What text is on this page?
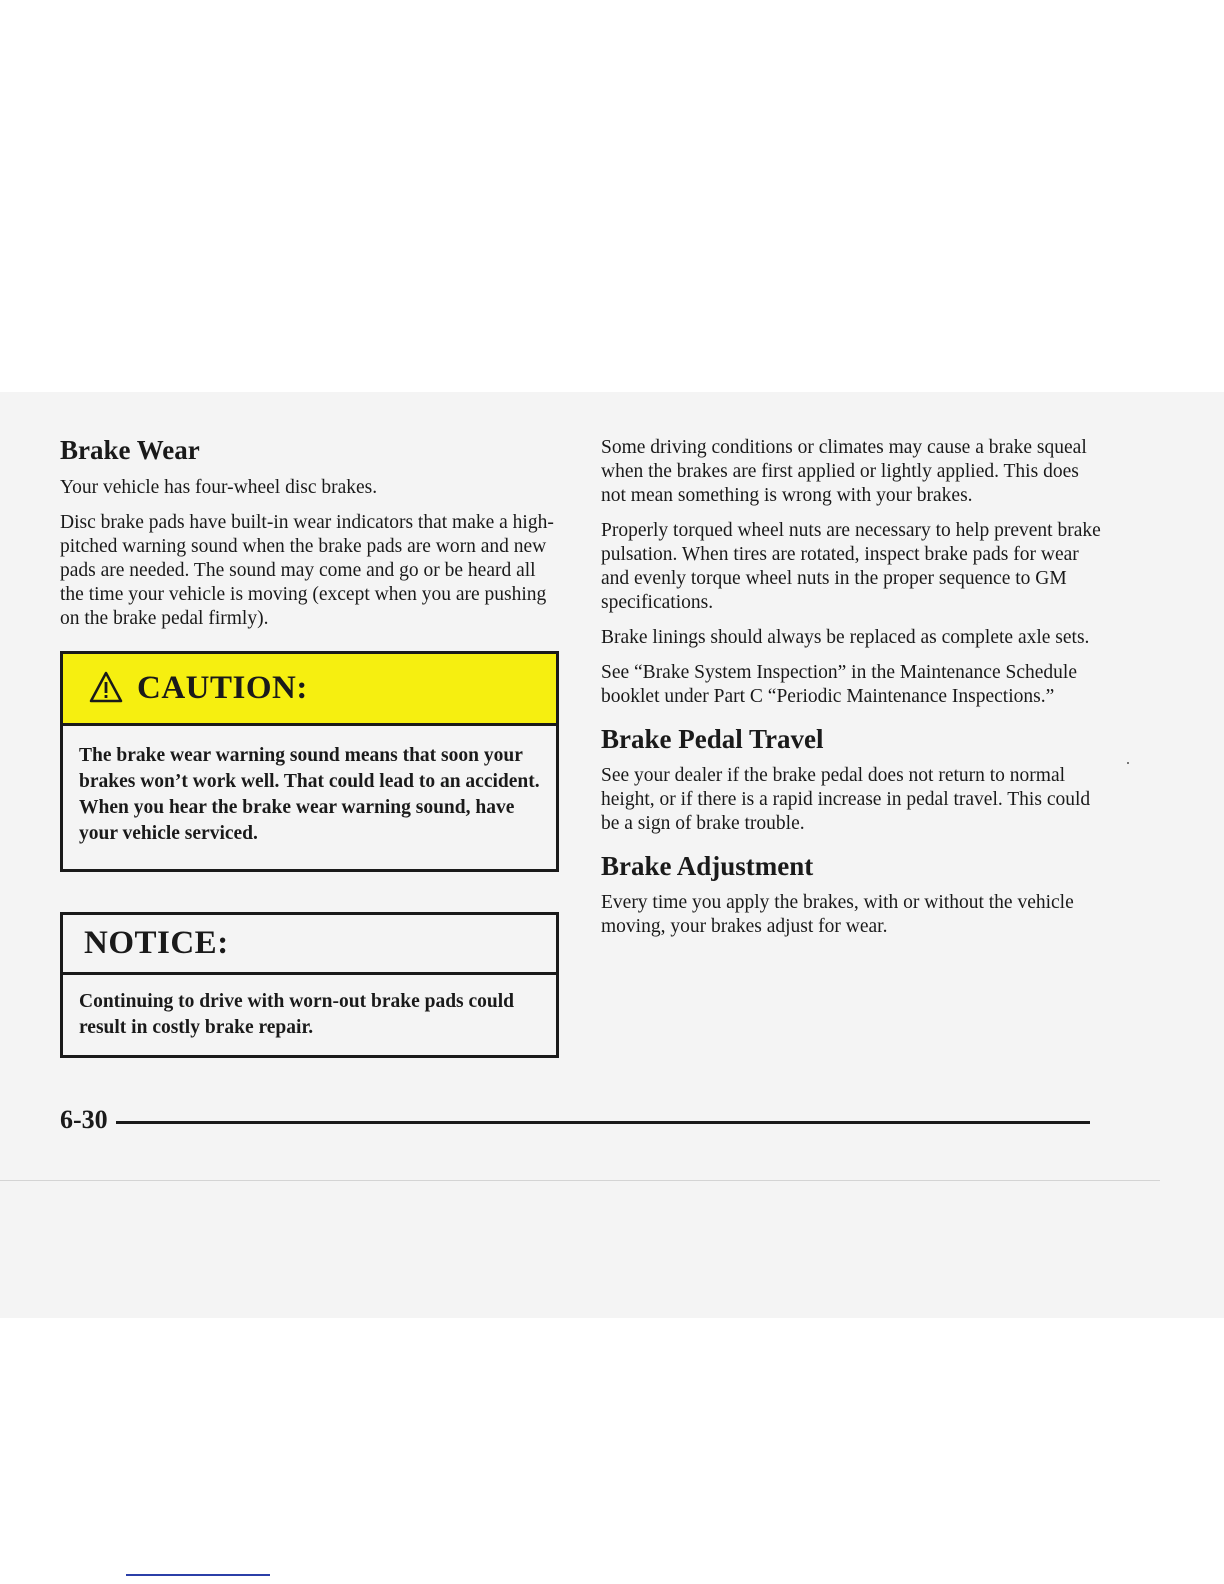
Brake Wear

Your vehicle has four-wheel disc brakes.

Disc brake pads have built-in wear indicators that make a high-pitched warning sound when the brake pads are worn and new pads are needed. The sound may come and go or be heard all the time your vehicle is moving (except when you are pushing on the brake pedal firmly).

CAUTION:
The brake wear warning sound means that soon your brakes won’t work well. That could lead to an accident. When you hear the brake wear warning sound, have your vehicle serviced.
NOTICE:
Continuing to drive with worn-out brake pads could result in costly brake repair.

Some driving conditions or climates may cause a brake squeal when the brakes are first applied or lightly applied. This does not mean something is wrong with your brakes.

Properly torqued wheel nuts are necessary to help prevent brake pulsation. When tires are rotated, inspect brake pads for wear and evenly torque wheel nuts in the proper sequence to GM specifications.

Brake linings should always be replaced as complete axle sets.

See “Brake System Inspection” in the Maintenance Schedule booklet under Part C “Periodic Maintenance Inspections.”

Brake Pedal Travel

See your dealer if the brake pedal does not return to normal height, or if there is a rapid increase in pedal travel. This could be a sign of brake trouble.

Brake Adjustment

Every time you apply the brakes, with or without the vehicle moving, your brakes adjust for wear.

6-30
